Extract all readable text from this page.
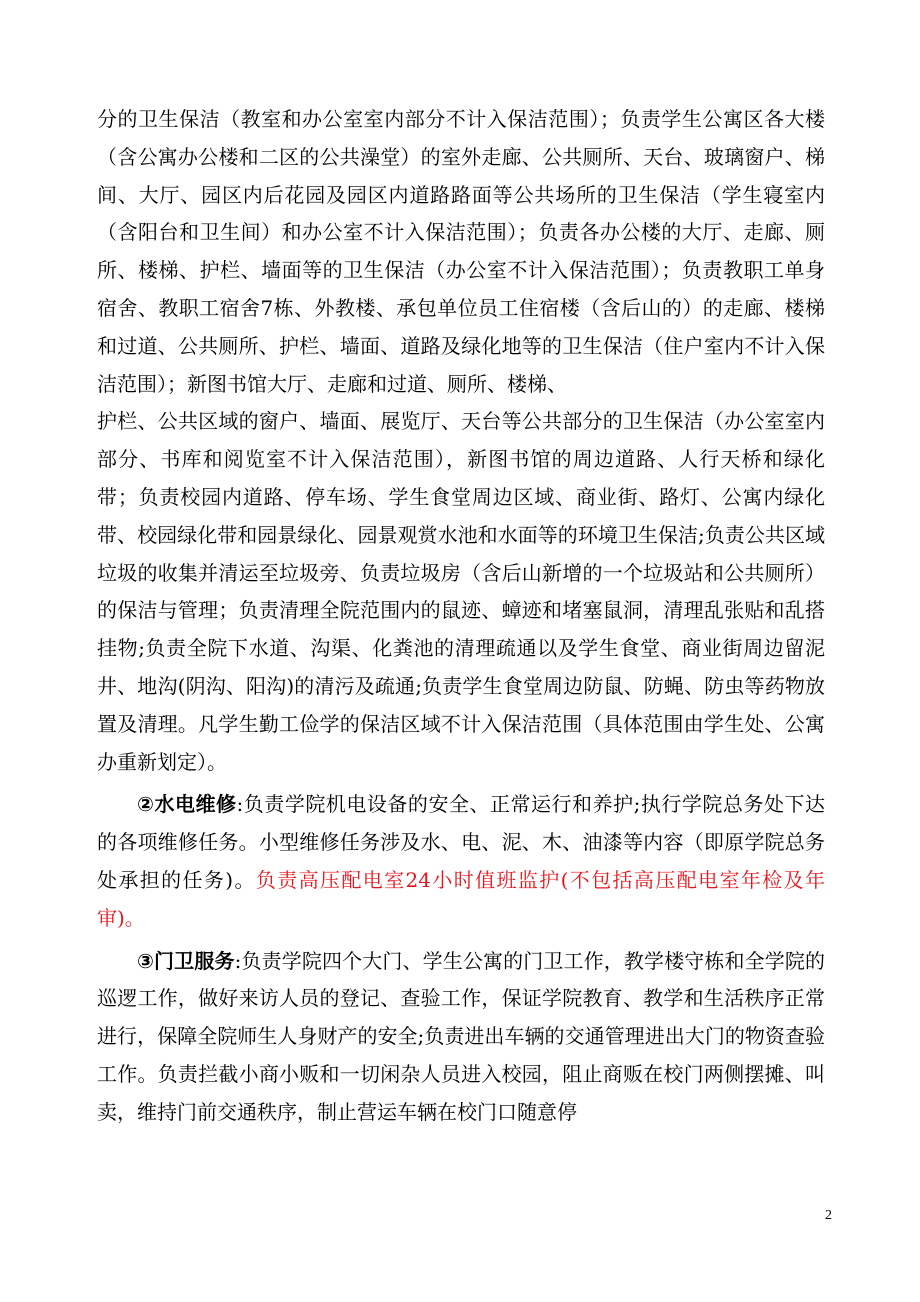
分的卫生保洁（教室和办公室室内部分不计入保洁范围）；负责学生公寓区各大楼（含公寓办公楼和二区的公共澡堂）的室外走廊、公共厕所、天台、玻璃窗户、梯间、大厅、园区内后花园及园区内道路路面等公共场所的卫生保洁（学生寝室内（含阳台和卫生间）和办公室不计入保洁范围）；负责各办公楼的大厅、走廊、厕所、楼梯、护栏、墙面等的卫生保洁（办公室不计入保洁范围）；负责教职工单身宿舍、教职工宿舍7栋、外教楼、承包单位员工住宿楼（含后山的）的走廊、楼梯和过道、公共厕所、护栏、墙面、道路及绿化地等的卫生保洁（住户室内不计入保洁范围）；新图书馆大厅、走廊和过道、厕所、楼梯、

护栏、公共区域的窗户、墙面、展览厅、天台等公共部分的卫生保洁（办公室室内部分、书库和阅览室不计入保洁范围），新图书馆的周边道路、人行天桥和绿化带；负责校园内道路、停车场、学生食堂周边区域、商业街、路灯、公寓内绿化带、校园绿化带和园景绿化、园景观赏水池和水面等的环境卫生保洁;负责公共区域垃圾的收集并清运至垃圾旁、负责垃圾房（含后山新增的一个垃圾站和公共厕所）的保洁与管理；负责清理全院范围内的鼠迹、蟑迹和堵塞鼠洞，清理乱张贴和乱搭挂物;负责全院下水道、沟渠、化粪池的清理疏通以及学生食堂、商业街周边留泥井、地沟(阴沟、阳沟)的清污及疏通;负责学生食堂周边防鼠、防蝇、防虫等药物放置及清理。凡学生勤工俭学的保洁区域不计入保洁范围（具体范围由学生处、公寓办重新划定）。

②水电维修:负责学院机电设备的安全、正常运行和养护;执行学院总务处下达的各项维修任务。小型维修任务涉及水、电、泥、木、油漆等内容（即原学院总务处承担的任务)。负责高压配电室24小时值班监护(不包括高压配电室年检及年审)。

③门卫服务:负责学院四个大门、学生公寓的门卫工作，教学楼守栋和全学院的巡逻工作，做好来访人员的登记、查验工作，保证学院教育、教学和生活秩序正常进行，保障全院师生人身财产的安全;负责进出车辆的交通管理进出大门的物资查验工作。负责拦截小商小贩和一切闲杂人员进入校园，阻止商贩在校门两侧摆摊、叫卖，维持门前交通秩序，制止营运车辆在校门口随意停

2
